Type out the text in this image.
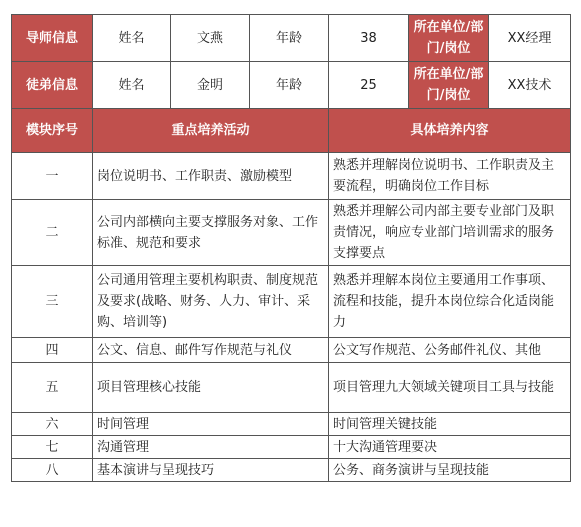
导师信息	姓名	文燕	年龄	38	所在单位/部门/岗位	XX经理
徒弟信息	姓名	金明	年龄	25	所在单位/部门/岗位	XX技术
模块序号	重点培养活动			具体培养内容		
一	岗位说明书、工作职责、激励模型			熟悉并理解岗位说明书、工作职责及主要流程，明确岗位工作目标		
二	公司内部横向主要支撑服务对象、工作标准、规范和要求			熟悉并理解公司内部主要专业部门及职责情况，响应专业部门培训需求的服务支撑要点		
三	公司通用管理主要机构职责、制度规范及要求(战略、财务、人力、审计、采购、培训等)			熟悉并理解本岗位主要通用工作事项、流程和技能，提升本岗位综合化适岗能力		
四	公文、信息、邮件写作规范与礼仪			公文写作规范、公务邮件礼仪、其他		
五	项目管理核心技能			项目管理九大领域关键项目工具与技能		
六	时间管理			时间管理关键技能		
七	沟通管理			十大沟通管理要决		
八	基本演讲与呈现技巧			公务、商务演讲与呈现技能		
